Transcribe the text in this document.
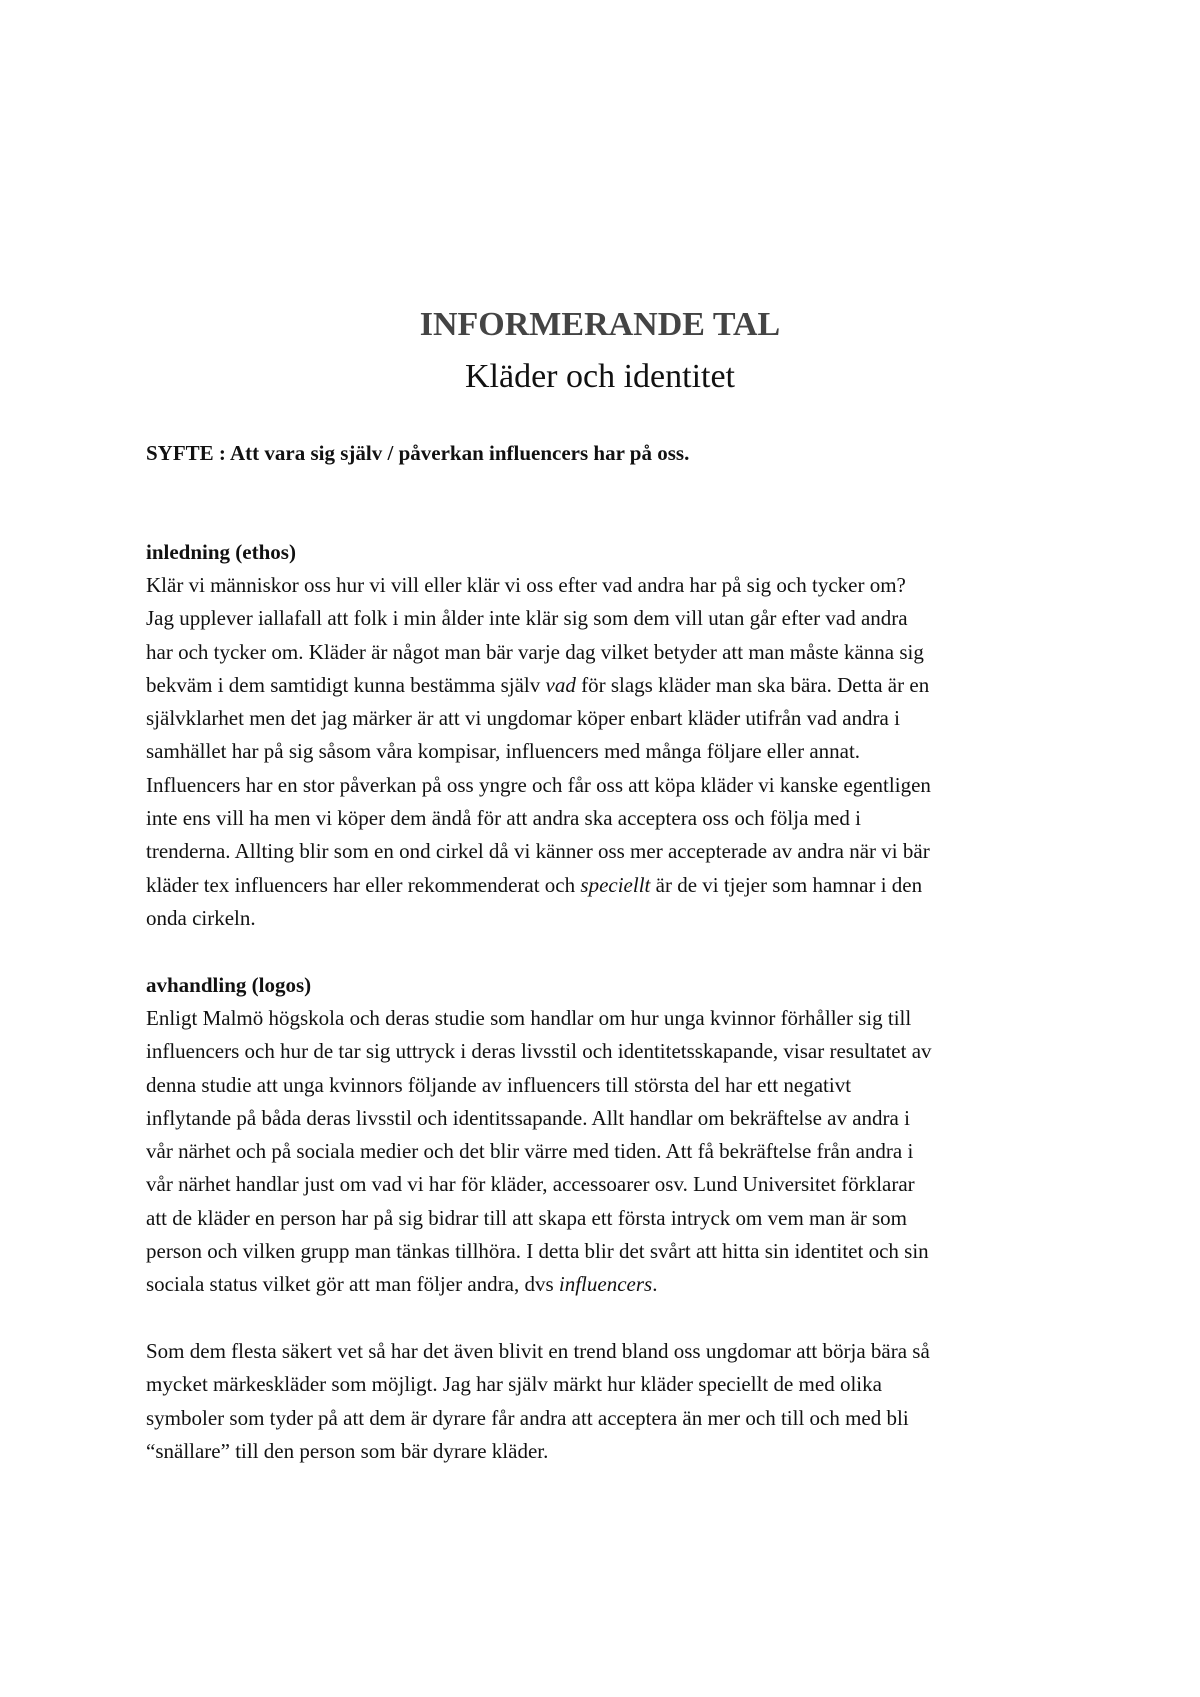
INFORMERANDE TAL
Kläder och identitet
SYFTE : Att vara sig själv / påverkan influencers har på oss.

inledning (ethos)

Klär vi människor oss hur vi vill eller klär vi oss efter vad andra har på sig och tycker om?

Jag upplever iallafall att folk i min ålder inte klär sig som dem vill utan går efter vad andra

har och tycker om. Kläder är något man bär varje dag vilket betyder att man måste känna sig

bekväm i dem samtidigt kunna bestämma själv vad för slags kläder man ska bära. Detta är en

självklarhet men det jag märker är att vi ungdomar köper enbart kläder utifrån vad andra i

samhället har på sig såsom våra kompisar, influencers med många följare eller annat.

Influencers har en stor påverkan på oss yngre och får oss att köpa kläder vi kanske egentligen

inte ens vill ha men vi köper dem ändå för att andra ska acceptera oss och följa med i

trenderna. Allting blir som en ond cirkel då vi känner oss mer accepterade av andra när vi bär

kläder tex influencers har eller rekommenderat och speciellt är de vi tjejer som hamnar i den

onda cirkeln.

avhandling (logos)

Enligt Malmö högskola och deras studie som handlar om hur unga kvinnor förhåller sig till

influencers och hur de tar sig uttryck i deras livsstil och identitetsskapande, visar resultatet av

denna studie att unga kvinnors följande av influencers till största del har ett negativt

inflytande på båda deras livsstil och identitssapande. Allt handlar om bekräftelse av andra i

vår närhet och på sociala medier och det blir värre med tiden. Att få bekräftelse från andra i

vår närhet handlar just om vad vi har för kläder, accessoarer osv. Lund Universitet förklarar

att de kläder en person har på sig bidrar till att skapa ett första intryck om vem man är som

person och vilken grupp man tänkas tillhöra. I detta blir det svårt att hitta sin identitet och sin

sociala status vilket gör att man följer andra, dvs influencers.

Som dem flesta säkert vet så har det även blivit en trend bland oss ungdomar att börja bära så

mycket märkeskläder som möjligt. Jag har själv märkt hur kläder speciellt de med olika

symboler som tyder på att dem är dyrare får andra att acceptera än mer och till och med bli

“snällare” till den person som bär dyrare kläder.
